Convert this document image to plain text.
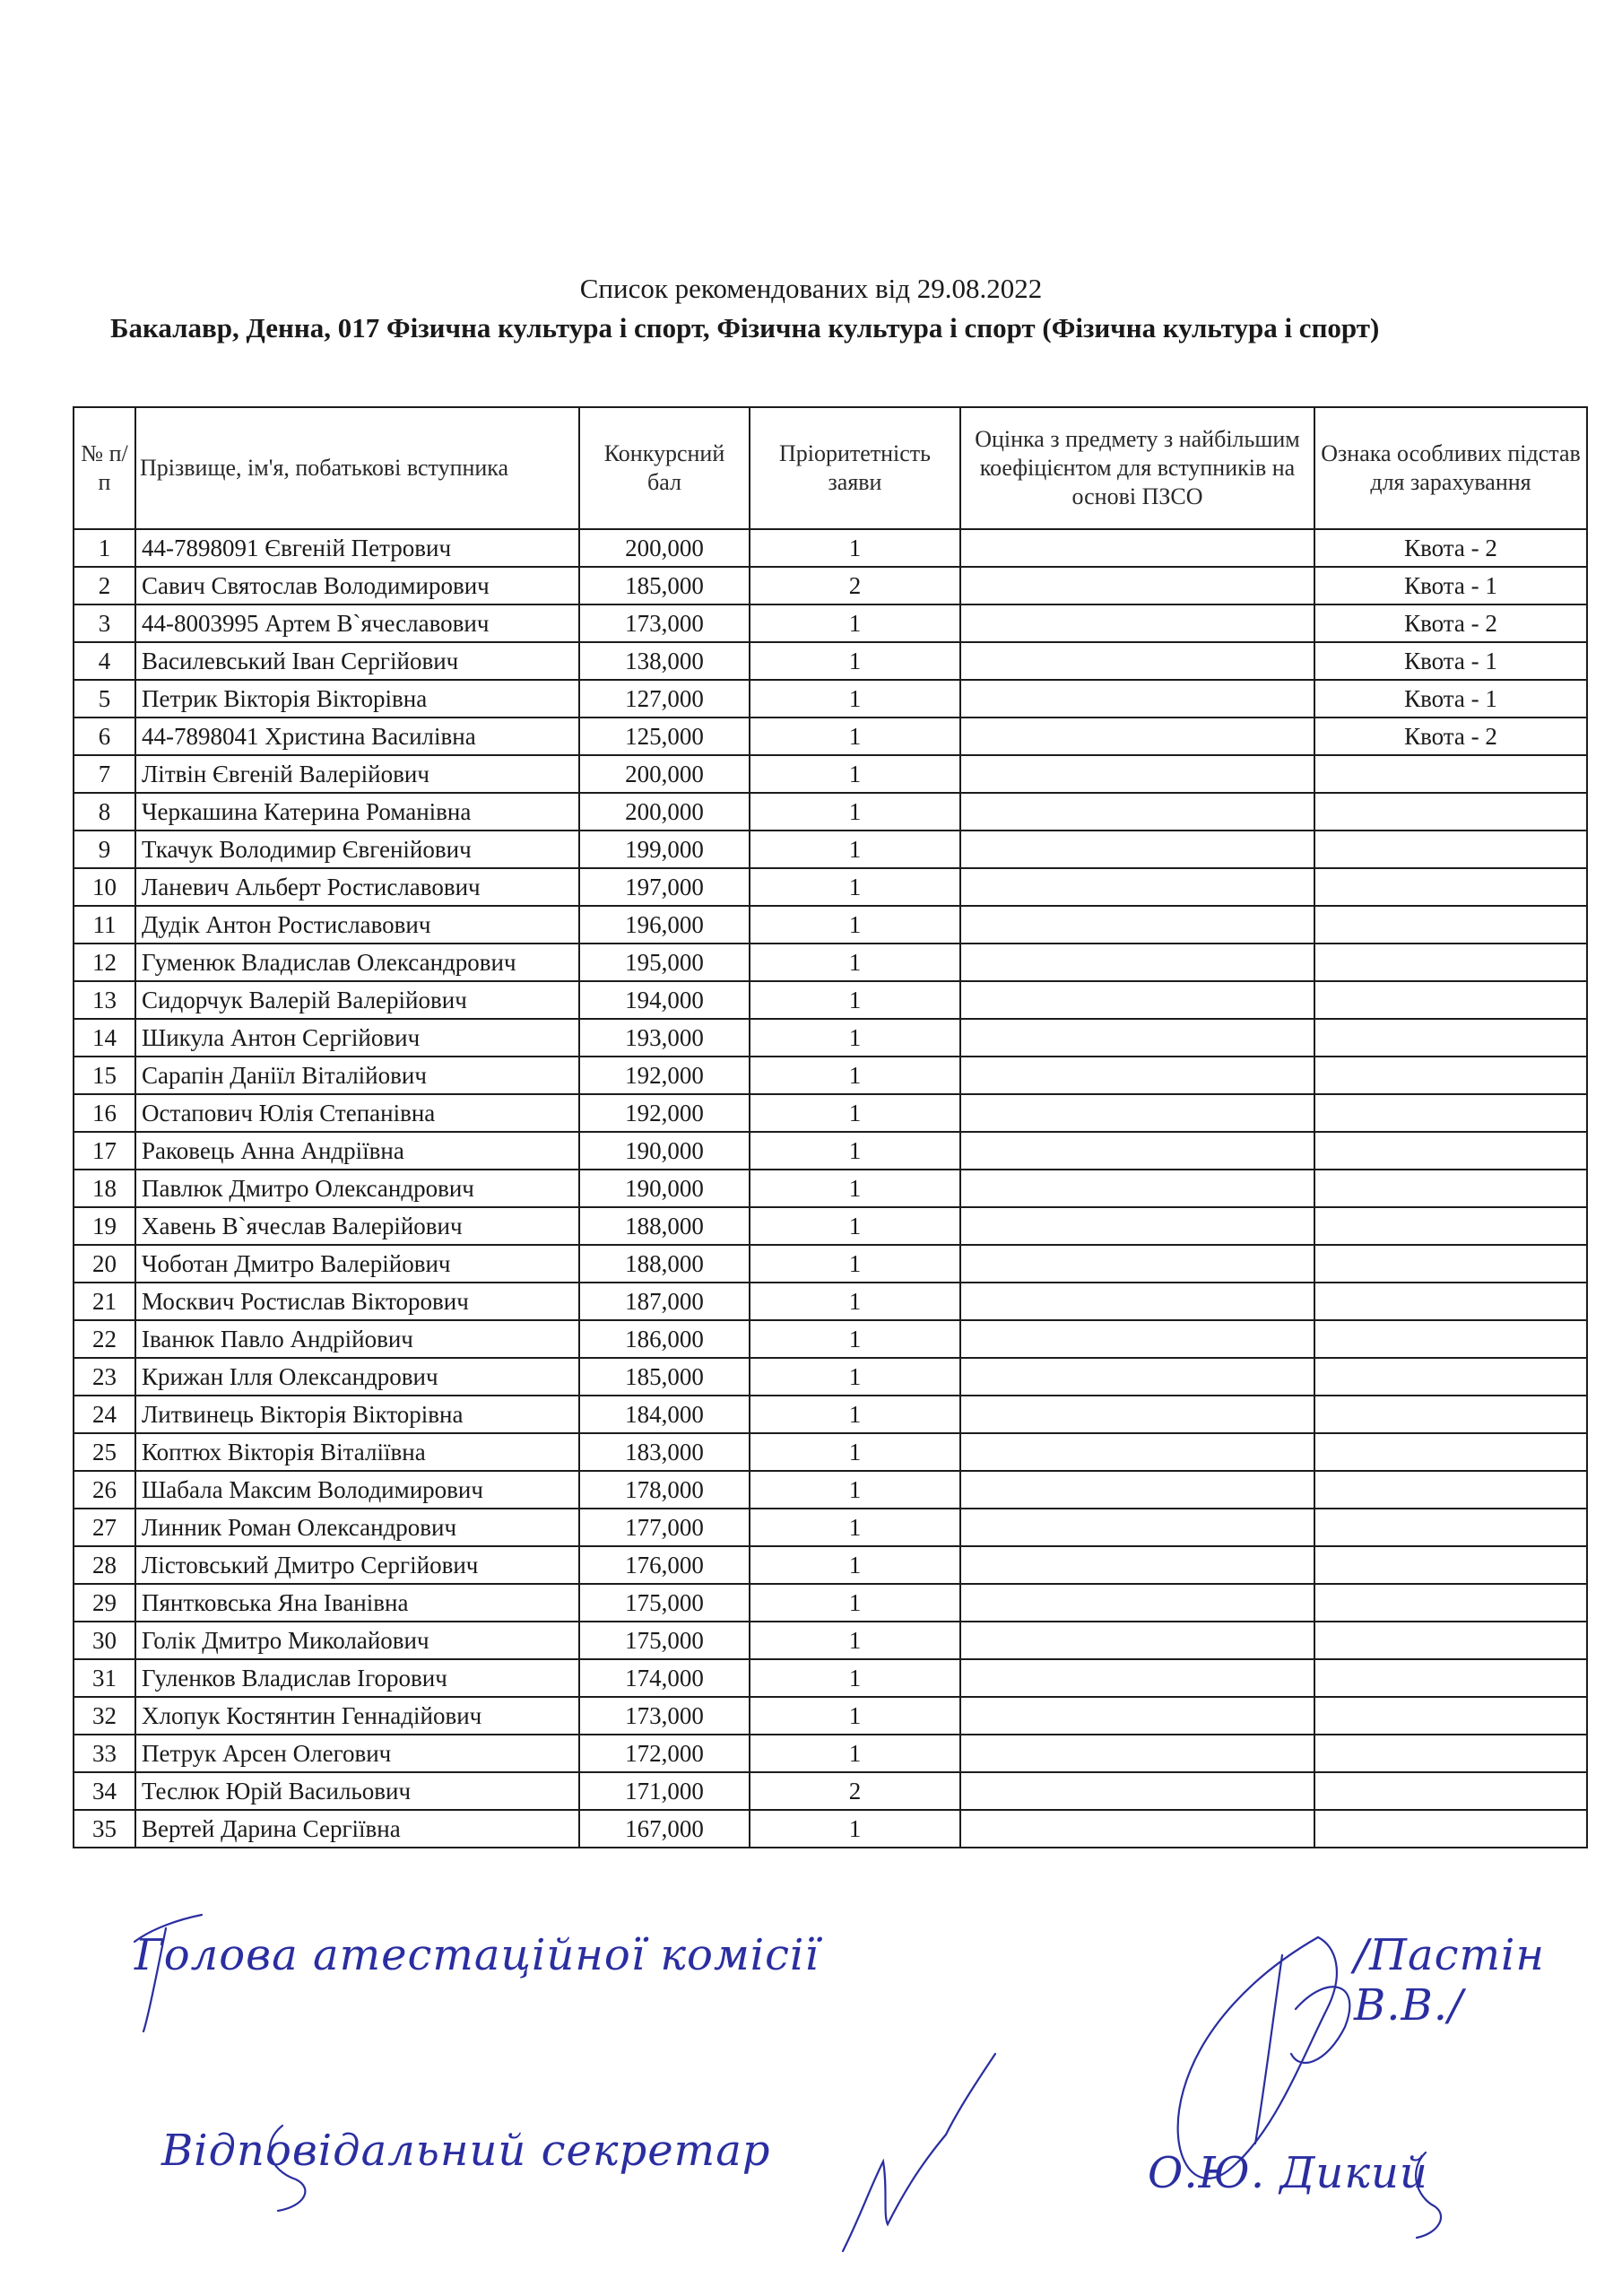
Список рекомендованих від 29.08.2022
Бакалавр, Денна, 017 Фізична культура і спорт, Фізична культура і спорт (Фізична культура і спорт)
№ п/п	Прізвище, ім'я, побатькові вступника	Конкурсний бал	Пріоритетність заяви	Оцінка з предмету з найбільшим коефіцієнтом для вступників на основі ПЗСО	Ознака особливих підстав для зарахування
1	44-7898091 Євгеній Петрович	200,000	1		Квота - 2
2	Савич Святослав Володимирович	185,000	2		Квота - 1
3	44-8003995 Артем В`ячеславович	173,000	1		Квота - 2
4	Василевський Іван Сергійович	138,000	1		Квота - 1
5	Петрик Вікторія Вікторівна	127,000	1		Квота - 1
6	44-7898041 Христина Василівна	125,000	1		Квота - 2
7	Літвін Євгеній Валерійович	200,000	1		
8	Черкашина Катерина Романівна	200,000	1		
9	Ткачук Володимир Євгенійович	199,000	1		
10	Ланевич Альберт Ростиславович	197,000	1		
11	Дудік Антон Ростиславович	196,000	1		
12	Гуменюк Владислав Олександрович	195,000	1		
13	Сидорчук Валерій Валерійович	194,000	1		
14	Шикула Антон Сергійович	193,000	1		
15	Сарапін Даніїл Віталійович	192,000	1		
16	Остапович Юлія Степанівна	192,000	1		
17	Раковець Анна Андріївна	190,000	1		
18	Павлюк Дмитро Олександрович	190,000	1		
19	Хавень В`ячеслав Валерійович	188,000	1		
20	Чоботан Дмитро Валерійович	188,000	1		
21	Москвич Ростислав Вікторович	187,000	1		
22	Іванюк Павло Андрійович	186,000	1		
23	Крижан Ілля Олександрович	185,000	1		
24	Литвинець Вікторія Вікторівна	184,000	1		
25	Коптюх Вікторія Віталіївна	183,000	1		
26	Шабала Максим Володимирович	178,000	1		
27	Линник Роман Олександрович	177,000	1		
28	Лістовський Дмитро Сергійович	176,000	1		
29	Пянтковська Яна Іванівна	175,000	1		
30	Голік Дмитро Миколайович	175,000	1		
31	Гуленков Владислав Ігорович	174,000	1		
32	Хлопук Костянтин Геннадійович	173,000	1		
33	Петрук Арсен Олегович	172,000	1		
34	Теслюк Юрій Васильович	171,000	2		
35	Вертей Дарина Сергіївна	167,000	1		
Голова атестаційної комісії	/Пастін В.В./
Відповідальний секретар	О.Ю. Дикий
